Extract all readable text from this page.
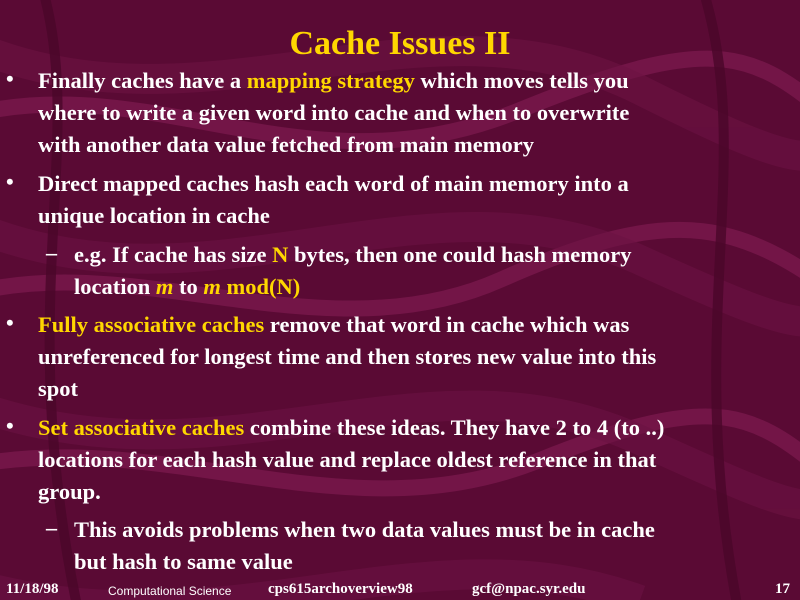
Cache Issues II
• Finally caches have a mapping strategy which moves tells you
where to write a given word into cache and when to overwrite
with another data value fetched from main memory
• Direct mapped caches hash each word of main memory into a
unique location in cache
– e.g. If cache has size N bytes, then one could hash memory
location m to m mod(N)
• Fully associative caches remove that word in cache which was
unreferenced for longest time and then stores new value into this
spot
• Set associative caches combine these ideas. They have 2 to 4 (to ..)
locations for each hash value and replace oldest reference in that
group.
– This avoids problems when two data values must be in cache
but hash to same value
11/18/98	Computational Science cps615archoverview98	gcf@npac.syr.edu	17
